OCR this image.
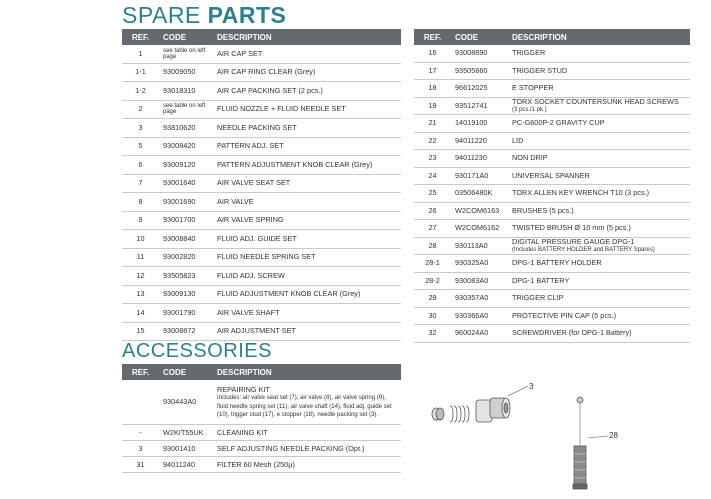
SPARE PARTS
REF.	CODE	DESCRIPTION
1	see table on left page	AIR CAP SET
1-1	93009050	AIR CAP RING CLEAR (Grey)
1-2	93018310	AIR CAP PACKING SET (2 pcs.)
2	see table on left page	FLUID NOZZLE + FLUID NEEDLE SET
3	93810620	NEEDLE PACKING SET
5	93008420	PATTERN ADJ. SET
6	93009120	PATTERN ADJUSTMENT KNOB CLEAR (Grey)
7	93001640	AIR VALVE SEAT SET
8	93001690	AIR VALVE
9	93001700	AIR VALVE SPRING
10	93008840	FLUID ADJ. GUIDE SET
11	93002820	FLUID NEEDLE SPRING SET
12	93505823	FLUID ADJ. SCREW
13	93009130	FLUID ADJUSTMENT KNOB CLEAR (Grey)
14	93001790	AIR VALVE SHAFT
15	93008872	AIR ADJUSTMENT SET
REF.	CODE	DESCRIPTION
16	93008890	TRIGGER
17	93505860	TRIGGER STUD
18	96612025	E STOPPER
19	93512741	TORX SOCKET COUNTERSUNK HEAD SCREWS
(3 pcs./1 pk.)
21	14019100	PC-G600P-2 GRAVITY CUP
22	94011220	LID
23	94011230	NON DRIP
24	930171A0	UNIVERSAL SPANNER
25	03506480K	TORX ALLEN KEY WRENCH T10 (3 pcs.)
26	W2COM6163	BRUSHES (5 pcs.)
27	W2COM6162	TWISTED BRUSH Ø 10 mm (5 pcs.)
28	930113A0	DIGITAL PRESSURE GAUGE DPG-1
(Includes BATTERY HOLDER and BATTERY Spares)
28-1	930325A0	DPG-1 BATTERY HOLDER
28-2	930083A0	DPG-1 BATTERY
29	930357A0	TRIGGER CLIP
30	930366A0	PROTECTIVE PIN CAP (5 pcs.)
32	960024A0	SCREWDRIVER (for DPG-1 Battery)
ACCESSORIES
REF.	CODE	DESCRIPTION
	930443A0	REPAIRING KIT
Includes: air valve seat set (7), air valve (8), air valve spring (9), fluid needle spring set (11), air valve shaft (14), fluid adj. guide set (10), trigger stud (17), e stopper (18), needle packing set (3).
-	W2KIT55UK	CLEANING KIT
3	93001410	SELF ADJUSTING NEEDLE PACKING (Opt.)
31	94011240	FILTER 60 Mesh (250µ)
3
28
